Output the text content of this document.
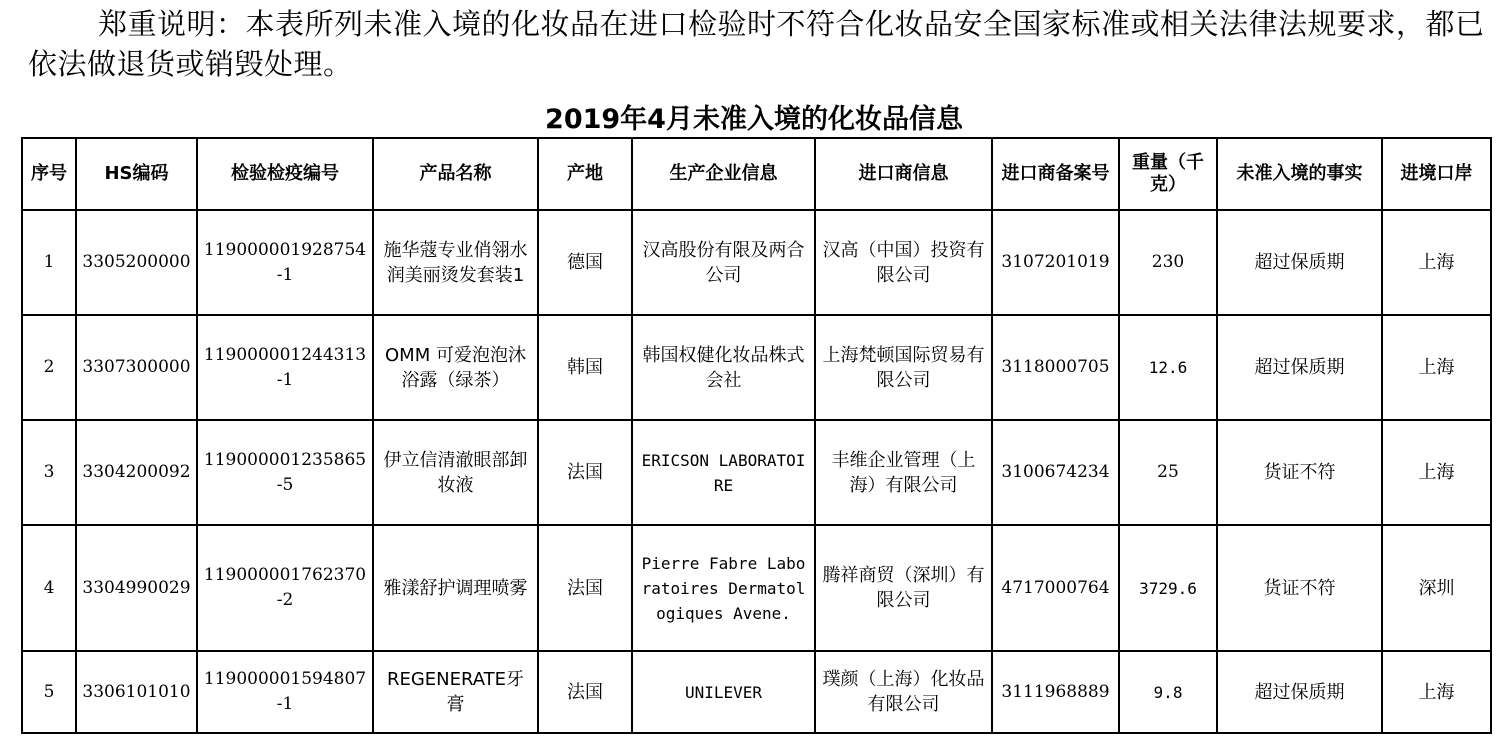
郑重说明：本表所列未准入境的化妆品在进口检验时不符合化妆品安全国家标准或相关法律法规要求，都已依法做退货或销毁处理。

2019年4月未准入境的化妆品信息
序号	HS编码	检验检疫编号	产品名称	产地	生产企业信息	进口商信息	进口商备案号	重量（千克）	未准入境的事实	进境口岸
1	3305200000	119000001928754-1	施华蔻专业俏翎水润美丽烫发套装1	德国	汉高股份有限及两合公司	汉高（中国）投资有限公司	3107201019	230	超过保质期	上海
2	3307300000	119000001244313-1	OMM 可爱泡泡沐浴露（绿茶）	韩国	韩国权健化妆品株式会社	上海梵顿国际贸易有限公司	3118000705	12.6	超过保质期	上海
3	3304200092	119000001235865-5	伊立信清澈眼部卸妆液	法国	ERICSON LABORATOIRE	丰维企业管理（上海）有限公司	3100674234	25	货证不符	上海
4	3304990029	119000001762370-2	雅漾舒护调理喷雾	法国	Pierre Fabre Laboratoires Dermatologiques Avene.	腾祥商贸（深圳）有限公司	4717000764	3729.6	货证不符	深圳
5	3306101010	119000001594807-1	REGENERATE牙膏	法国	UNILEVER	璞颜（上海）化妆品有限公司	3111968889	9.8	超过保质期	上海
